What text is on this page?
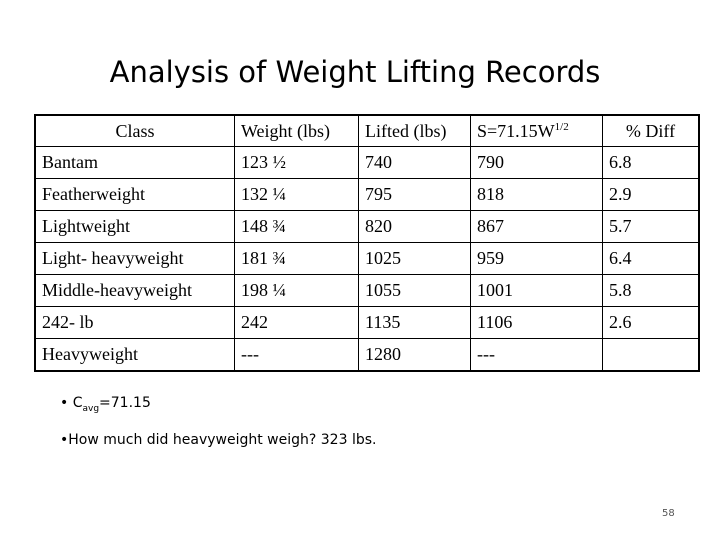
Analysis of Weight Lifting Records
Class	Weight (lbs)	Lifted (lbs)	$S=71.15W^{1/2}$	% Diff
Bantam	123 ½	740	790	6.8
Featherweight	132 ¼	795	818	2.9
Lightweight	148 ¾	820	867	5.7
Light- heavyweight	181 ¾	1025	959	6.4
Middle-heavyweight	198 ¼	1055	1001	5.8
242- lb	242	1135	1106	2.6
Heavyweight	---	1280	---	
• $C_{avg}=71.15$
•How much did heavyweight weigh? 323 lbs.
58
